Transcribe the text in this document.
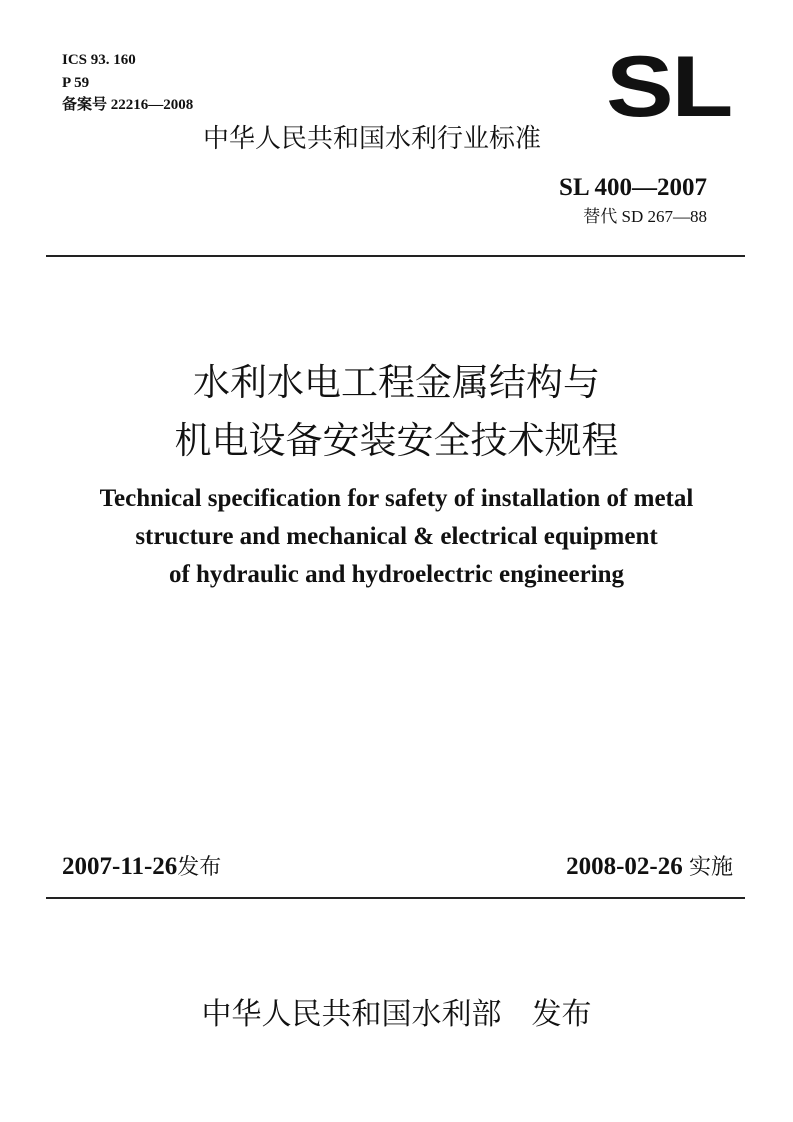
ICS 93. 160
P 59
备案号 22216—2008	SL
中华人民共和国水利行业标准
SL 400—2007
替代 SD 267—88
水利水电工程金属结构与
机电设备安装安全技术规程
Technical specification for safety of installation of metal
structure and mechanical & electrical equipment
of hydraulic and hydroelectric engineering
2007-11-26发布	2008-02-26 实施
中华人民共和国水利部 发布
